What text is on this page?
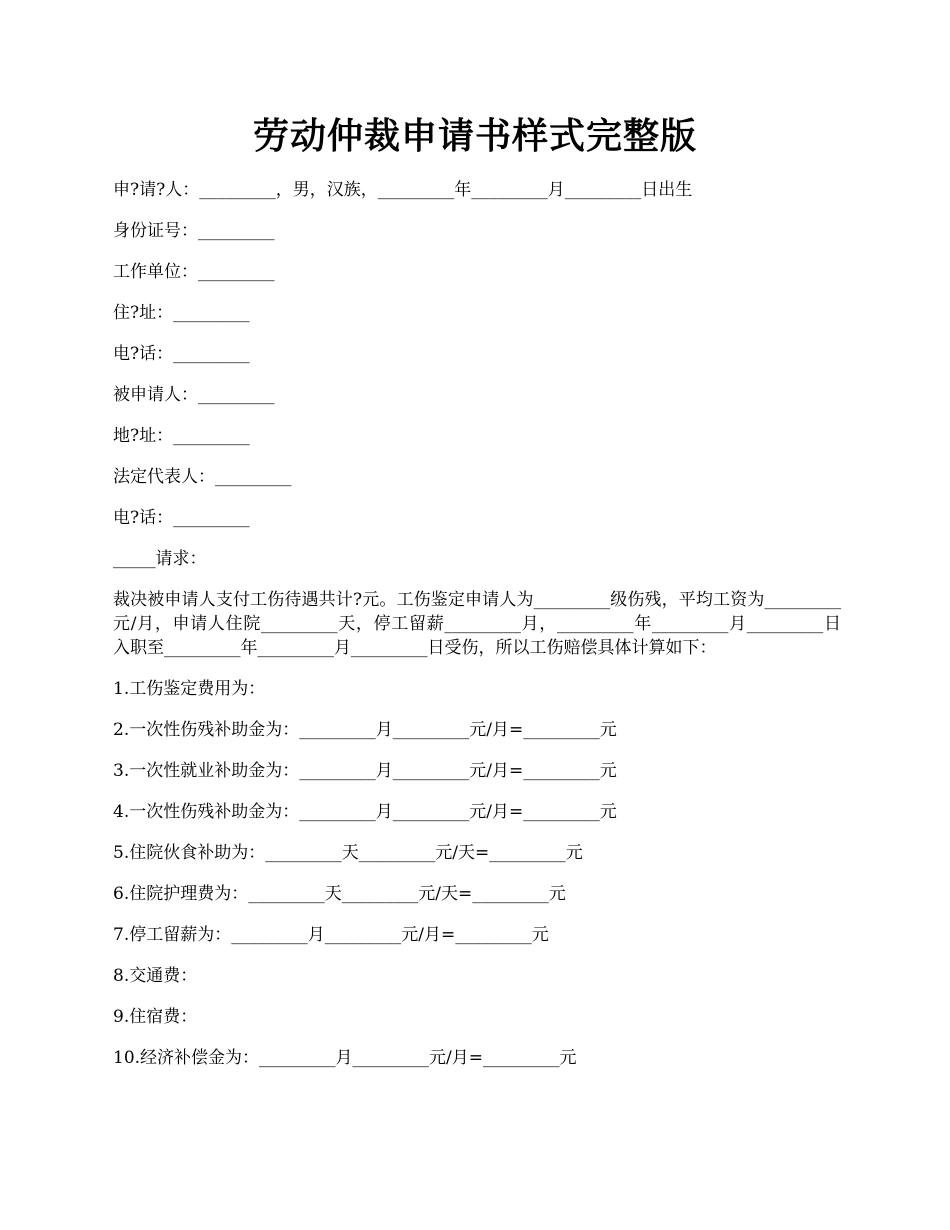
劳动仲裁申请书样式完整版
申?请?人：_________，男，汉族，_________年_________月_________日出生
身份证号：_________
工作单位：_________
住?址：_________
电?话：_________
被申请人：_________
地?址：_________
法定代表人：_________
电?话：_________
_____请求：
裁决被申请人支付工伤待遇共计?元。工伤鉴定申请人为_________级伤残，平均工资为_________元/月，申请人住院_________天，停工留薪_________月，_________年_________月_________日入职至_________年_________月_________日受伤，所以工伤赔偿具体计算如下：
1.工伤鉴定费用为：
2.一次性伤残补助金为：_________月_________元/月=_________元
3.一次性就业补助金为：_________月_________元/月=_________元
4.一次性伤残补助金为：_________月_________元/月=_________元
5.住院伙食补助为：_________天_________元/天=_________元
6.住院护理费为：_________天_________元/天=_________元
7.停工留薪为：_________月_________元/月=_________元
8.交通费：
9.住宿费：
10.经济补偿金为：_________月_________元/月=_________元
